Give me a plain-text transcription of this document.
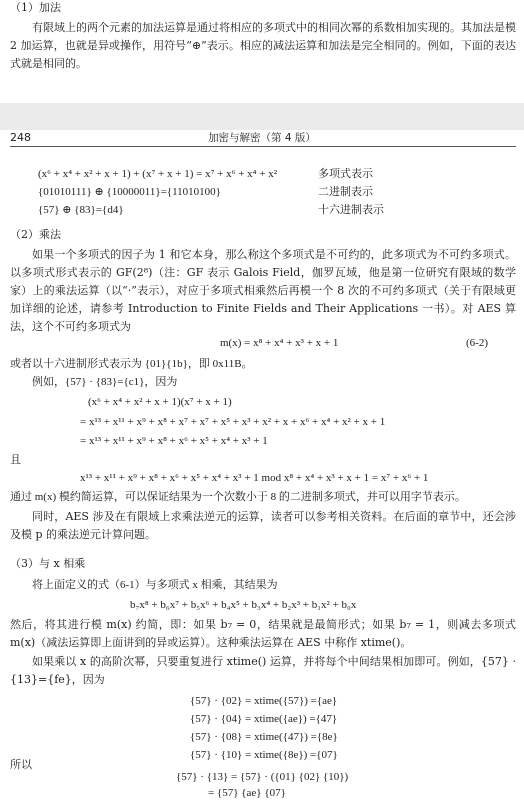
（1）加法

有限域上的两个元素的加法运算是通过将相应的多项式中的相同次幂的系数相加实现的。其加法是模 2 加运算，也就是异或操作，用符号“⊕”表示。相应的减法运算和加法是完全相同的。例如，下面的表达式就是相同的。

248	加密与解密（第 4 版）
(x⁶ + x⁴ + x² + x + 1) + (x⁷ + x + 1) = x⁷ + x⁶ + x⁴ + x²	多项式表示
{01010111} ⊕ {10000011}={11010100}	二进制表示
{57} ⊕ {83}={d4}	十六进制表示
（2）乘法

如果一个多项式的因子为 1 和它本身，那么称这个多项式是不可约的，此多项式为不可约多项式。以多项式形式表示的 GF(2⁸)（注：GF 表示 Galois Field，伽罗瓦域，他是第一位研究有限域的数学家）上的乘法运算（以“·”表示），对应于多项式相乘然后再模一个 8 次的不可约多项式（关于有限域更加详细的论述，请参考 Introduction to Finite Fields and Their Applications 一书）。对 AES 算法，这个不可约多项式为

m(x) = x⁸ + x⁴ + x³ + x + 1	(6-2)
或者以十六进制形式表示为 {01}{1b}，即 0x11B。
例如，{57} · {83}={c1}，因为
(x⁶ + x⁴ + x² + x + 1)(x⁷ + x + 1)
= x¹³ + x¹¹ + x⁹ + x⁸ + x⁷ + x⁷ + x⁵ + x³ + x² + x + x⁶ + x⁴ + x² + x + 1
= x¹³ + x¹¹ + x⁹ + x⁸ + x⁶ + x⁵ + x⁴ + x³ + 1
且
x¹³ + x¹¹ + x⁹ + x⁸ + x⁶ + x⁵ + x⁴ + x³ + 1 mod x⁸ + x⁴ + x³ + x + 1 = x⁷ + x⁶ + 1
通过 m(x) 模约简运算，可以保证结果为一个次数小于 8 的二进制多项式，并可以用字节表示。

同时，AES 涉及在有限域上求乘法逆元的运算，读者可以参考相关资料。在后面的章节中，还会涉及模 p 的乘法逆元计算问题。

（3）与 x 相乘
将上面定义的式（6-1）与多项式 x 相乘，其结果为
b₇x⁸ + b₆x⁷ + b₅x⁶ + b₄x⁵ + b₃x⁴ + b₂x³ + b₁x² + b₀x

然后，将其进行模 m(x) 约简，即：如果 b₇ = 0，结果就是最简形式；如果 b₇ = 1，则减去多项式 m(x)（减法运算即上面讲到的异或运算）。这种乘法运算在 AES 中称作 xtime()。

如果乘以 x 的高阶次幂，只要重复进行 xtime() 运算，并将每个中间结果相加即可。例如，{57} · {13}={fe}，因为

{57} · {02} = xtime({57}) ={ae}
{57} · {04} = xtime({ae}) ={47}
{57} · {08} = xtime({47}) ={8e}
{57} · {10} = xtime({8e}) ={07}
所以
{57} · {13} = {57} · ({01} {02} {10})
= {57} {ae} {07}
